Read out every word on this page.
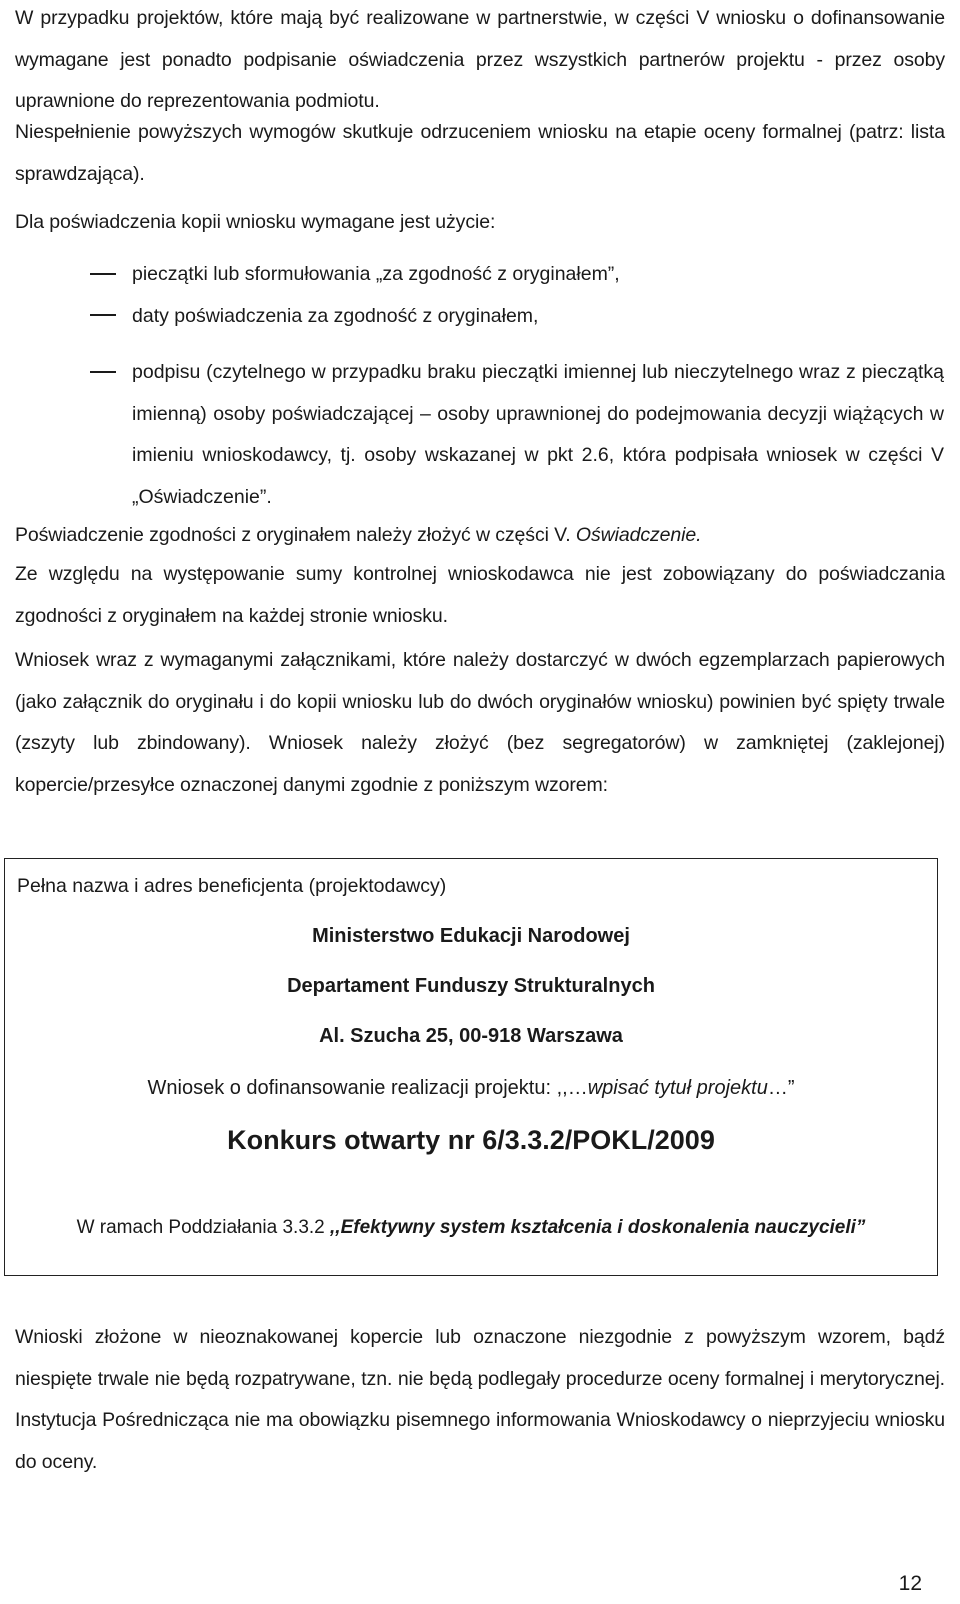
W przypadku projektów, które mają być realizowane w partnerstwie, w części V wniosku o dofinansowanie wymagane jest ponadto podpisanie oświadczenia przez wszystkich partnerów projektu - przez osoby uprawnione do reprezentowania podmiotu.
Niespełnienie powyższych wymogów skutkuje odrzuceniem wniosku na etapie oceny formalnej (patrz: lista sprawdzająca).
Dla poświadczenia kopii wniosku wymagane jest użycie:
pieczątki lub sformułowania „za zgodność z oryginałem”,
daty poświadczenia za zgodność z oryginałem,
podpisu (czytelnego w przypadku braku pieczątki imiennej lub nieczytelnego wraz z pieczątką imienną) osoby poświadczającej – osoby uprawnionej do podejmowania decyzji wiążących w imieniu wnioskodawcy, tj. osoby wskazanej w pkt 2.6, która podpisała wniosek w części V „Oświadczenie”.
Poświadczenie zgodności z oryginałem należy złożyć w części V. Oświadczenie.
Ze względu na występowanie sumy kontrolnej wnioskodawca nie jest zobowiązany do poświadczania zgodności z oryginałem na każdej stronie wniosku.
Wniosek wraz z wymaganymi załącznikami, które należy dostarczyć w dwóch egzemplarzach papierowych (jako załącznik do oryginału i do kopii wniosku lub do dwóch oryginałów wniosku) powinien być spięty trwale (zszyty lub zbindowany). Wniosek należy złożyć (bez segregatorów) w zamkniętej (zaklejonej) kopercie/przesyłce oznaczonej danymi zgodnie z poniższym wzorem:
Pełna nazwa i adres beneficjenta (projektodawcy)
Ministerstwo Edukacji Narodowej
Departament Funduszy Strukturalnych
Al. Szucha 25, 00-918 Warszawa
Wniosek o dofinansowanie realizacji projektu: ,,…wpisać tytuł projektu…”
Konkurs otwarty nr 6/3.3.2/POKL/2009
W ramach Poddziałania 3.3.2 ,,Efektywny system kształcenia i doskonalenia nauczycieli”
Wnioski złożone w nieoznakowanej kopercie lub oznaczone niezgodnie z powyższym wzorem, bądź niespięte trwale nie będą rozpatrywane, tzn. nie będą podlegały procedurze oceny formalnej i merytorycznej. Instytucja Pośrednicząca nie ma obowiązku pisemnego informowania Wnioskodawcy o nieprzyjeciu wniosku do oceny.
12
